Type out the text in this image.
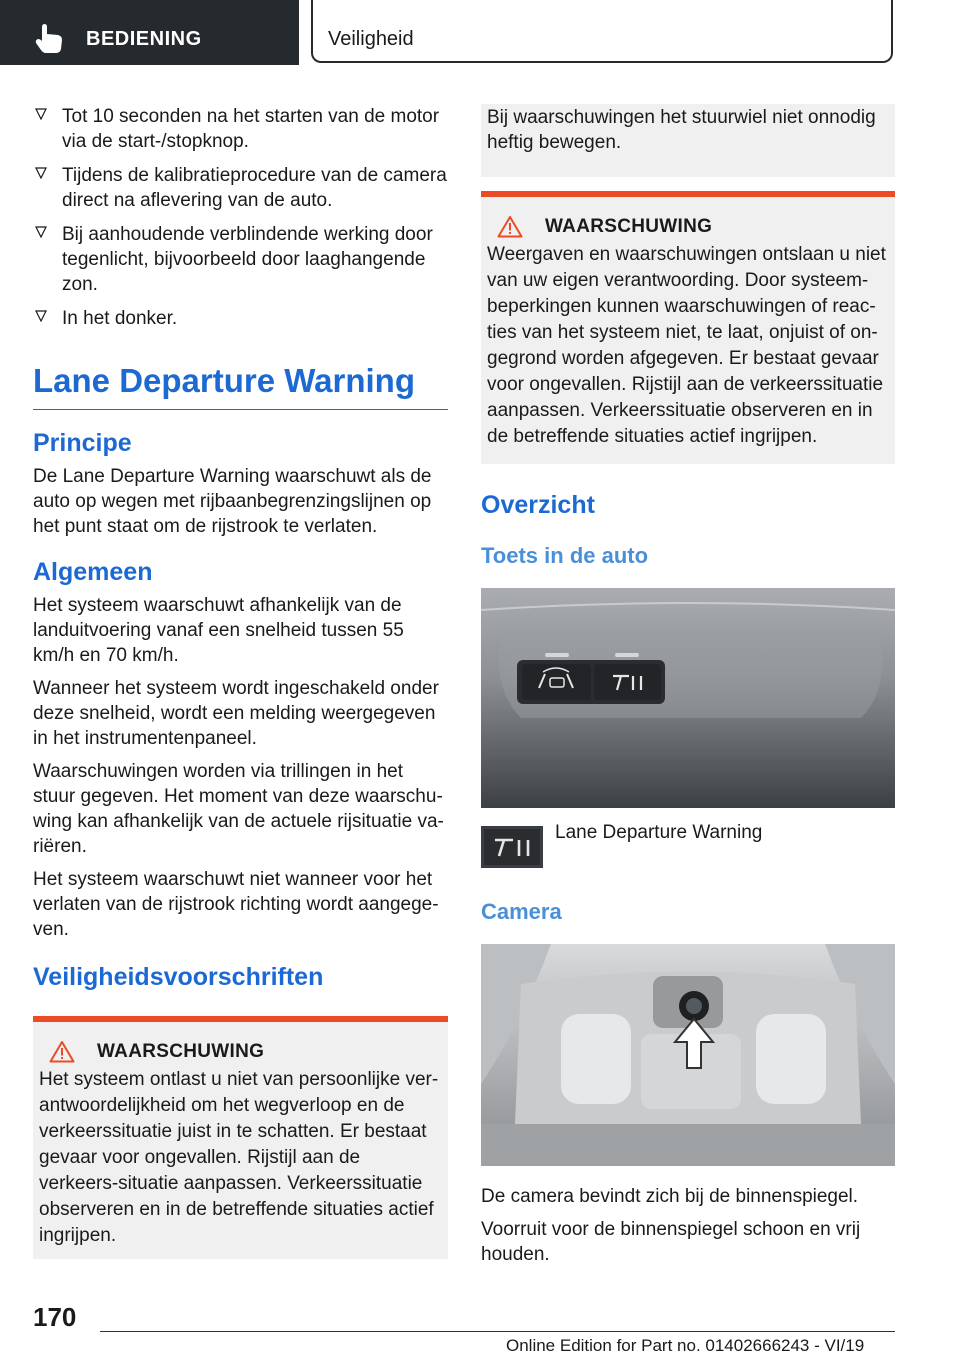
BEDIENING	Veiligheid
Tot 10 seconden na het starten van de motor via de start-/stopknop.
Tijdens de kalibratieprocedure van de camera direct na aflevering van de auto.
Bij aanhoudende verblindende werking door tegenlicht, bijvoorbeeld door laaghangende zon.
In het donker.
Lane Departure Warning
Principe

De Lane Departure Warning waarschuwt als de auto op wegen met rijbaanbegrenzingslijnen op het punt staat om de rijstrook te verlaten.

Algemeen

Het systeem waarschuwt afhankelijk van de landuitvoering vanaf een snelheid tussen 55 km/h en 70 km/h.

Wanneer het systeem wordt ingeschakeld onder deze snelheid, wordt een melding weergegeven in het instrumentenpaneel.

Waarschuwingen worden via trillingen in het stuur gegeven. Het moment van deze waarschu‐wing kan afhankelijk van de actuele rijsituatie va‐riëren.

Het systeem waarschuwt niet wanneer voor het verlaten van de rijstrook richting wordt aangege‐ven.

Veiligheidsvoorschriften
WAARSCHUWING

Het systeem ontlast u niet van persoonlijke ver‐antwoordelijkheid om het wegverloop en de verkeerssituatie juist in te schatten. Er bestaat gevaar voor ongevallen. Rijstijl aan de verkeers‐situatie aanpassen. Verkeerssituatie observeren en in de betreffende situaties actief ingrijpen.

Bij waarschuwingen het stuurwiel niet onnodig heftig bewegen.

WAARSCHUWING

Weergaven en waarschuwingen ontslaan u niet van uw eigen verantwoording. Door systeem‐beperkingen kunnen waarschuwingen of reac‐ties van het systeem niet, te laat, onjuist of on‐gegrond worden afgegeven. Er bestaat gevaar voor ongevallen. Rijstijl aan de verkeerssituatie aanpassen. Verkeerssituatie observeren en in de betreffende situaties actief ingrijpen.

Overzicht
Toets in de auto
Lane Departure Warning
Camera

De camera bevindt zich bij de binnenspiegel.

Voorruit voor de binnenspiegel schoon en vrij houden.

170
Online Edition for Part no. 01402666243 - VI/19
